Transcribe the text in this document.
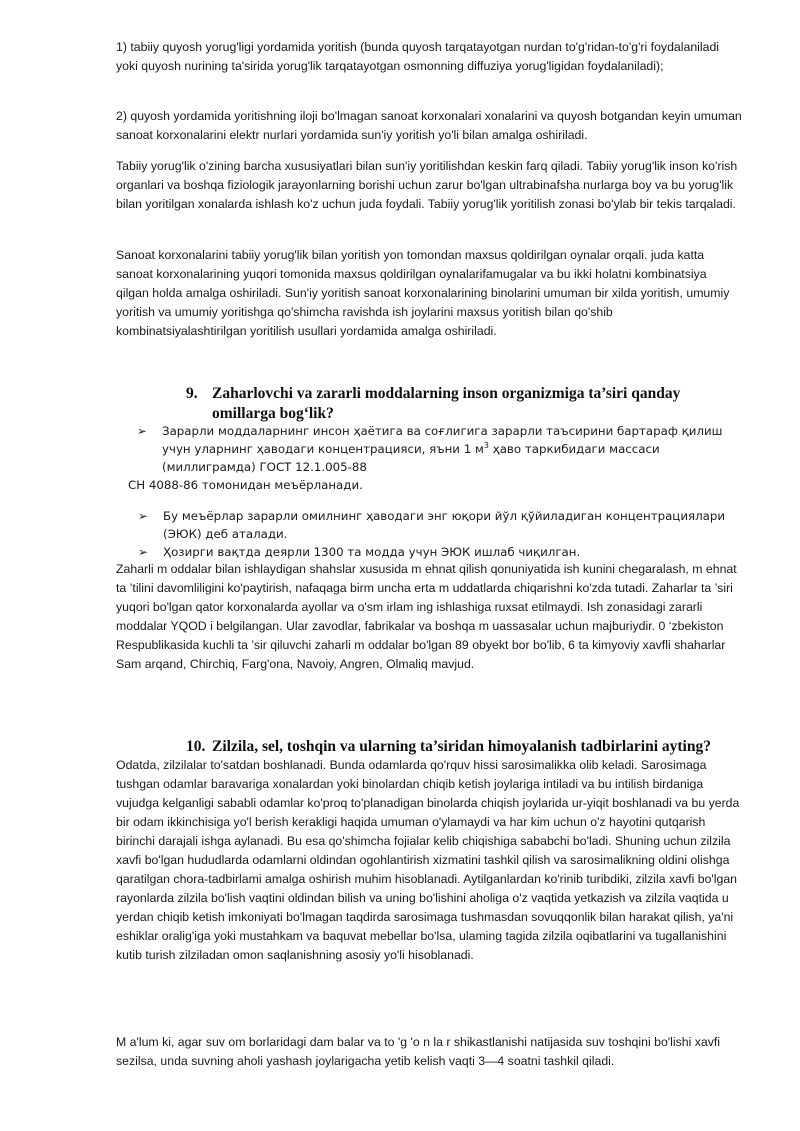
1) tabiiy quyosh yorug'ligi yordamida yoritish (bunda quyosh tarqatayotgan nurdan to'g'ridan-to'g'ri foydalaniladi yoki quyosh nurining ta'sirida yorug'lik tarqatayotgan osmonning diffuziya yorug'ligidan foydalaniladi);

2) quyosh yordamida yoritishning iloji bo'lmagan sanoat korxonalari xonalarini va quyosh botgandan keyin umuman sanoat korxonalarini elektr nurlari yordamida sun'iy yoritish yo'li bilan amalga oshiriladi.

Tabiiy yorug'lik o'zining barcha xususiyatlari bilan sun'iy yoritilishdan keskin farq qiladi. Tabiiy yorug'lik inson ko'rish organlari va boshqa fiziologik jarayonlarning borishi uchun zarur bo'lgan ultrabinafsha nurlarga boy va bu yorug'lik bilan yoritilgan xonalarda ishlash ko'z uchun juda foydali. Tabiiy yorug'lik yoritilish zonasi bo'ylab bir tekis tarqaladi.

Sanoat korxonalarini tabiiy yorug'lik bilan yoritish yon tomondan maxsus qoldirilgan oynalar orqali. juda katta sanoat korxonalarining yuqori tomonida maxsus qoldirilgan oynalarifamugalar va bu ikki holatni kombinatsiya qilgan holda amalga oshiriladi. Sun'iy yoritish sanoat korxonalarining binolarini umuman bir xilda yoritish, umumiy yoritish va umumiy yoritishga qo'shimcha ravishda ish joylarini maxsus yoritish bilan qo'shib kombinatsiyalashtirilgan yoritilish usullari yordamida amalga oshiriladi.

9. Zaharlovchi va zararli moddalarning inson organizmiga ta’siri qanday
omillarga bog‘lik?

➢ Зарарли моддаларнинг инсон ҳаётига ва соғлигига зарарли таъсирини бартараф қилиш учун уларнинг ҳаводаги концентрацияси, яъни 1 $м^3$ ҳаво таркибидаги массаси (миллиграмда) ГОСТ 12.1.005-88

СН 4088-86 томонидан меъёрланади.

➢ Бу меъёрлар зарарли омилнинг ҳаводаги энг юқори йўл қўйиладиган концентрациялари (ЭЮК) деб аталади.

➢ Ҳозирги вақтда деярли 1300 та модда учун ЭЮК ишлаб чиқилган.

Zaharli m oddalar bilan ishlaydigan shahslar xususida m ehnat qilish qonuniyatida ish kunini chegaralash, m ehnat ta ’tilini davomliligini ko'paytirish, nafaqaga birm uncha erta m uddatlarda chiqarishni ko'zda tutadi. Zaharlar ta ’siri yuqori bo'lgan qator korxonalarda ayollar va o'sm irlam ing ishlashiga ruxsat etilmaydi. Ish zonasidagi zararli moddalar YQOD i belgilangan. Ular zavodlar, fabrikalar va boshqa m uassasalar uchun majburiydir. 0 ‘zbekiston Respublikasida kuchli ta ’sir qiluvchi zaharli m oddalar bo'lgan 89 obyekt bor bo'lib, 6 ta kimyoviy xavfli shaharlar Sam arqand, Chirchiq, Farg'ona, Navoiy, Angren, Olmaliq mavjud.

10. Zilzila, sel, toshqin va ularning ta’siridan himoyalanish tadbirlarini ayting?

Odatda, zilzilalar to'satdan boshlanadi. Bunda odamlarda qo'rquv hissi sarosimalikka olib keladi. Sarosimaga tushgan odamlar baravariga xonalardan yoki binolardan chiqib ketish joylariga intiladi va bu intilish birdaniga vujudga kelganligi sababli odamlar ko'proq to'planadigan binolarda chiqish joylarida ur-yiqit boshlanadi va bu yerda bir odam ikkinchisiga yo'l berish kerakligi haqida umuman o'ylamaydi va har kim uchun o'z hayotini qutqarish birinchi darajali ishga aylanadi. Bu esa qo'shimcha fojialar kelib chiqishiga sababchi bo'ladi. Shuning uchun zilzila xavfi bo'lgan hududlarda odamlarni oldindan ogohlantirish xizmatini tashkil qilish va sarosimalikning oldini olishga qaratilgan chora-tadbirlami amalga oshirish muhim hisoblanadi. Aytilganlardan ko'rinib turibdiki, zilzila xavfi bo'lgan rayonlarda zilzila bo'lish vaqtini oldindan bilish va uning bo'lishini aholiga o'z vaqtida yetkazish va zilzila vaqtida u yerdan chiqib ketish imkoniyati bo'lmagan taqdirda sarosimaga tushmasdan sovuqqonlik bilan harakat qilish, ya'ni eshiklar oralig'iga yoki mustahkam va baquvat mebellar bo'lsa, ulaming tagida zilzila oqibatlarini va tugallanishini kutib turish zilziladan omon saqlanishning asosiy yo'li hisoblanadi.

M a'lum ki, agar suv om borlaridagi dam balar va to 'g 'o n la r shikastlanishi natijasida suv toshqini bo'lishi xavfi sezilsa, unda suvning aholi yashash joylarigacha yetib kelish vaqti 3—4 soatni tashkil qiladi.
